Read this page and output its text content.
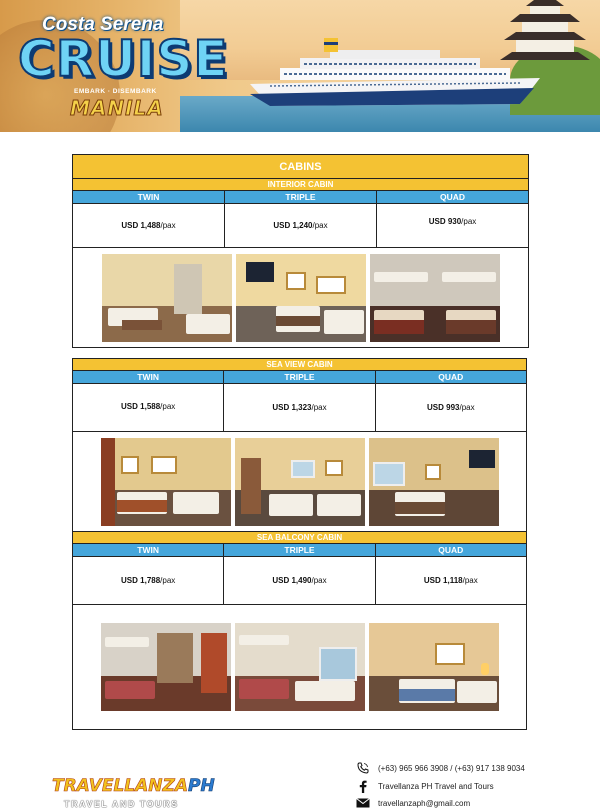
Costa Serena
CRUISE
EMBARK · DISEMBARK
MANILA
CABINS
INTERIOR CABIN
TWIN	TRIPLE	QUAD
USD 1,488 /pax	USD 1,240 /pax	USD 930 /pax
SEA VIEW CABIN
TWIN	TRIPLE	QUAD
USD 1,588 /pax	USD 1,323 /pax	USD 993 /pax
SEA BALCONY CABIN
TWIN	TRIPLE	QUAD
USD 1,788 /pax	USD 1,490 /pax	USD 1,118 /pax
TRAVELLANZAPH
TRAVEL AND TOURS
(+63) 965 966 3908 / (+63) 917 138 9034
Travellanza PH Travel and Tours
travellanzaph@gmail.com
